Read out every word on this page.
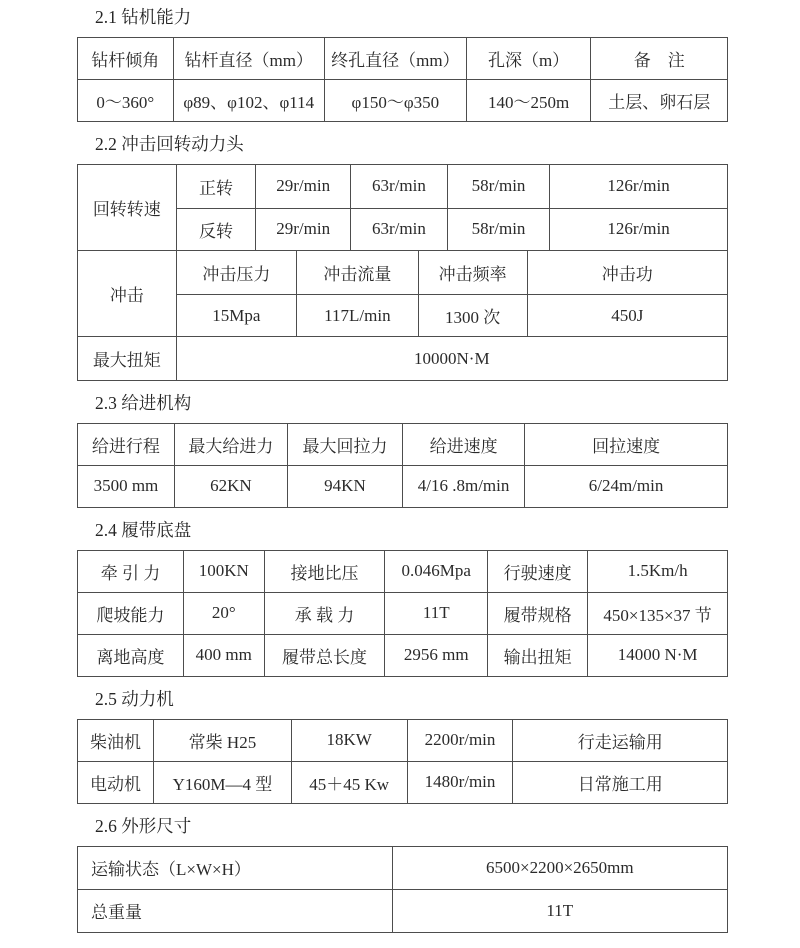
2.1 钻机能力
钻杆倾角	钻杆直径（mm）	终孔直径（mm）	孔深（m）	备　注
0～360°	φ89、φ102、φ114	φ150～φ350	140～250m	土层、卵石层
2.2 冲击回转动力头
回转转速
正转	29r/min	63r/min	58r/min	126r/min
反转	29r/min	63r/min	58r/min	126r/min
冲击
冲击压力	冲击流量	冲击频率	冲击功
15Mpa	117L/min	1300 次	450J
最大扭矩	10000N·M
2.3 给进机构
给进行程	最大给进力	最大回拉力	给进速度	回拉速度
3500 mm	62KN	94KN	4/16 .8m/min	6/24m/min
2.4 履带底盘
牵 引 力	100KN	接地比压	0.046Mpa	行驶速度	1.5Km/h
爬坡能力	20°	承 载 力	11T	履带规格	450×135×37 节
离地高度	400 mm	履带总长度	2956 mm	输出扭矩	14000 N·M
2.5 动力机
柴油机	常柴 H25	18KW	2200r/min	行走运输用
电动机	Y160M—4 型	45＋45 Kw	1480r/min	日常施工用
2.6 外形尺寸
运输状态（L×W×H）	6500×2200×2650mm
总重量	11T
